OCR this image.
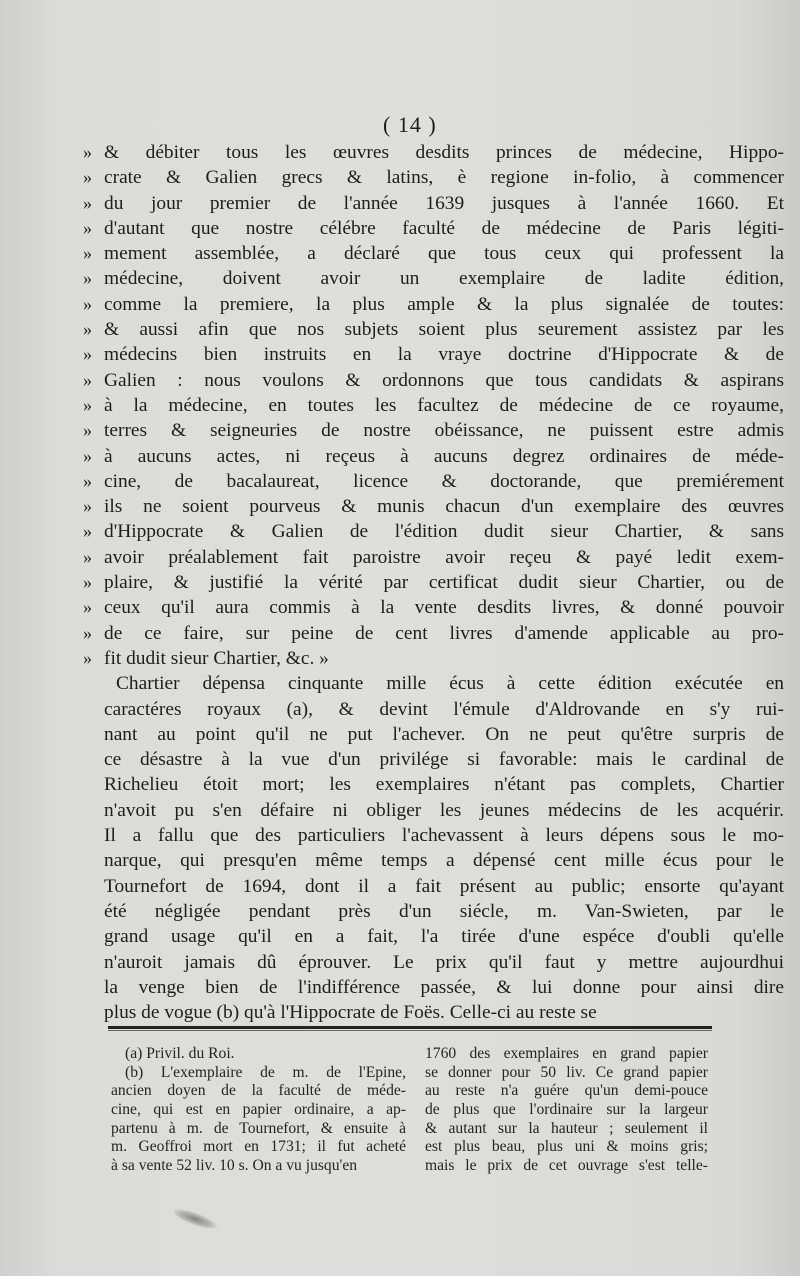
( 14 )
» & débiter tous les œuvres desdits princes de médecine, Hippo-
» crate & Galien grecs & latins, è regione in-folio, à commencer
» du jour premier de l'année 1639 jusques à l'année 1660. Et
» d'autant que nostre célébre faculté de médecine de Paris légiti-
» mement assemblée, a déclaré que tous ceux qui professent la
» médecine, doivent avoir un exemplaire de ladite édition,
» comme la premiere, la plus ample & la plus signalée de toutes:
» & aussi afin que nos subjets soient plus seurement assistez par les
» médecins bien instruits en la vraye doctrine d'Hippocrate & de
» Galien : nous voulons & ordonnons que tous candidats & aspirans
» à la médecine, en toutes les facultez de médecine de ce royaume,
» terres & seigneuries de nostre obéissance, ne puissent estre admis
» à aucuns actes, ni reçeus à aucuns degrez ordinaires de méde-
» cine, de bacalaureat, licence & doctorande, que premiérement
» ils ne soient pourveus & munis chacun d'un exemplaire des œuvres
» d'Hippocrate & Galien de l'édition dudit sieur Chartier, & sans
» avoir préalablement fait paroistre avoir reçeu & payé ledit exem-
» plaire, & justifié la vérité par certificat dudit sieur Chartier, ou de
» ceux qu'il aura commis à la vente desdits livres, & donné pouvoir
» de ce faire, sur peine de cent livres d'amende applicable au pro-
» fit dudit sieur Chartier, &c. »
Chartier dépensa cinquante mille écus à cette édition exécutée en
caractéres royaux (a), & devint l'émule d'Aldrovande en s'y rui-
nant au point qu'il ne put l'achever. On ne peut qu'être surpris de
ce désastre à la vue d'un privilége si favorable: mais le cardinal de
Richelieu étoit mort; les exemplaires n'étant pas complets, Chartier
n'avoit pu s'en défaire ni obliger les jeunes médecins de les acquérir.
Il a fallu que des particuliers l'achevassent à leurs dépens sous le mo-
narque, qui presqu'en même temps a dépensé cent mille écus pour le
Tournefort de 1694, dont il a fait présent au public; ensorte qu'ayant
été négligée pendant près d'un siécle, m. Van-Swieten, par le
grand usage qu'il en a fait, l'a tirée d'une espéce d'oubli qu'elle
n'auroit jamais dû éprouver. Le prix qu'il faut y mettre aujourdhui
la venge bien de l'indifférence passée, & lui donne pour ainsi dire
plus de vogue (b) qu'à l'Hippocrate de Foës. Celle-ci au reste se
(a) Privil. du Roi.
(b) L'exemplaire de m. de l'Epine,
ancien doyen de la faculté de méde-
cine, qui est en papier ordinaire, a ap-
partenu à m. de Tournefort, & ensuite à
m. Geoffroi mort en 1731; il fut acheté
à sa vente 52 liv. 10 s. On a vu jusqu'en
1760 des exemplaires en grand papier
se donner pour 50 liv. Ce grand papier
au reste n'a guére qu'un demi-pouce
de plus que l'ordinaire sur la largeur
& autant sur la hauteur ; seulement il
est plus beau, plus uni & moins gris;
mais le prix de cet ouvrage s'est telle-
